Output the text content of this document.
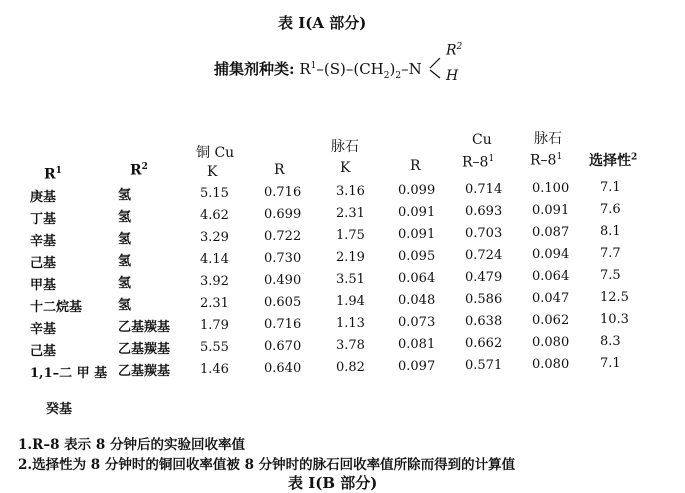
表 Ⅰ(A 部分)
捕集剂种类: $R^1-(S)-(CH_2)_2-N$
$R^2$
H
铜 Cu	脉石	Cu	脉石
$R^1$	$R^2$	K	R	K	R	$R-8^1$	$R-8^1$ 选择性$^2$
庚基	氢	5.15	0.716	3.16	0.099 0.714 0.100 7.1
丁基	氢	4.62	0.699	2.31	0.091 0.693 0.091 7.6
辛基	氢	3.29	0.722	1.75	0.091 0.703 0.087 8.1
己基	氢	4.14	0.730	2.19	0.095 0.724 0.094 7.7
甲基	氢	3.92	0.490	3.51	0.064 0.479 0.064 7.5
十二烷基	氢	2.31	0.605	1.94	0.048 0.586 0.047 12.5
辛基	乙基羰基 1.79	0.716	1.13	0.073 0.638 0.062 10.3
己基	乙基羰基 5.55	0.670	3.78	0.081 0.662 0.080 8.3
1,1–二 甲 基 乙基羰基 1.46	0.640	0.82	0.097 0.571 0.080 7.1
癸基
1.R–8 表示 8 分钟后的实验回收率值
2.选择性为 8 分钟时的铜回收率值被 8 分钟时的脉石回收率值所除而得到的计算值
表 Ⅰ(B 部分)
